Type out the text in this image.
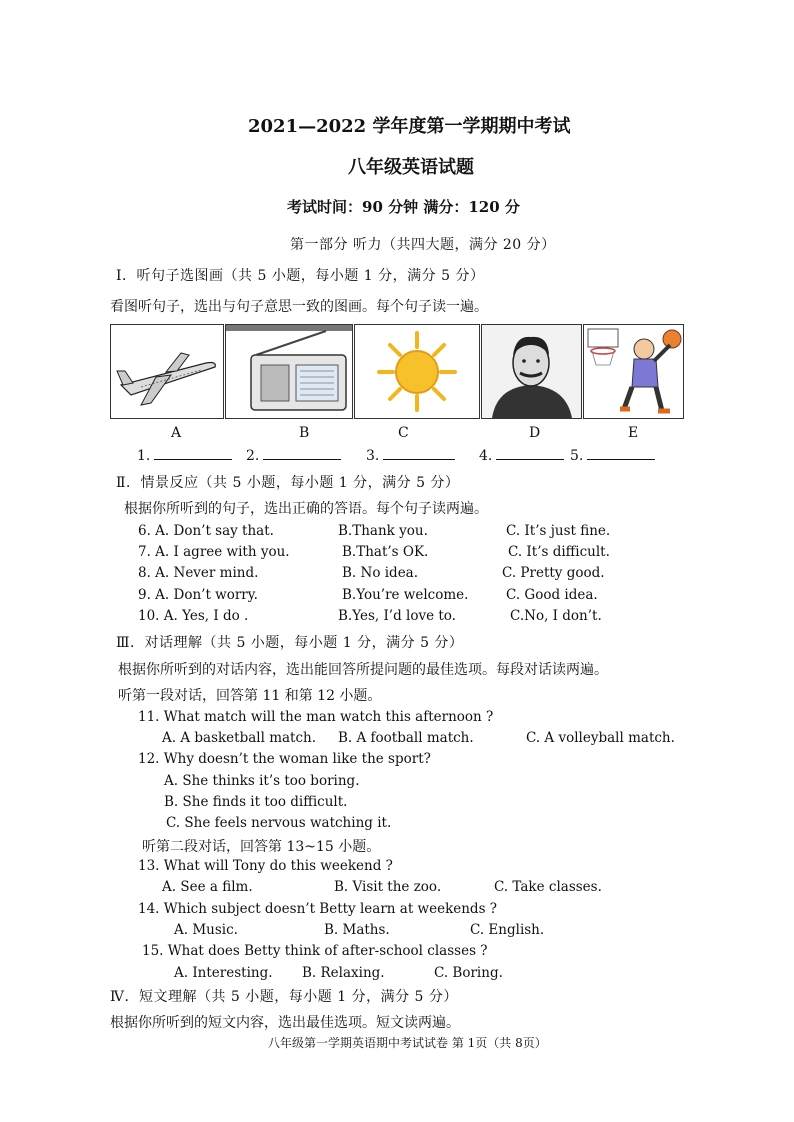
2021—2022 学年度第一学期期中考试
八年级英语试题
考试时间：90 分钟 满分：120 分
第一部分 听力（共四大题，满分 20 分）
Ⅰ．听句子选图画（共 5 小题，每小题 1 分，满分 5 分）
看图听句子，选出与句子意思一致的图画。每个句子读一遍。
A	B	C	D	E
1.	2.	3.	4.	5.
Ⅱ．情景反应（共 5 小题，每小题 1 分，满分 5 分）
根据你所听到的句子，选出正确的答语。每个句子读两遍。
6. A. Don’t say that.	B.Thank you.	C. It’s just fine.
7. A. I agree with you.	B.That’s OK.	C. It’s difficult.
8. A. Never mind.	B. No idea.	C. Pretty good.
9. A. Don’t worry.	B.You’re welcome.	C. Good idea.
10. A. Yes, I do .	B.Yes, I’d love to.	C.No, I don’t.
Ⅲ．对话理解（共 5 小题，每小题 1 分，满分 5 分）
根据你所听到的对话内容，选出能回答所提问题的最佳选项。每段对话读两遍。
听第一段对话，回答第 11 和第 12 小题。
11. What match will the man watch this afternoon ?
A. A basketball match. B. A football match.	C. A volleyball match.
12. Why doesn’t the woman like the sport?
A. She thinks it’s too boring.
B. She finds it too difficult.
C. She feels nervous watching it.
听第二段对话，回答第 13~15 小题。
13. What will Tony do this weekend ?
A. See a film.	B. Visit the zoo.	C. Take classes.
14. Which subject doesn’t Betty learn at weekends ?
A. Music.	B. Maths.	C. English.
15. What does Betty think of after-school classes ?
A. Interesting. B. Relaxing.	C. Boring.
Ⅳ．短文理解（共 5 小题，每小题 1 分，满分 5 分）
根据你所听到的短文内容，选出最佳选项。短文读两遍。
八年级第一学期英语期中考试试卷 第 1页（共 8页）
